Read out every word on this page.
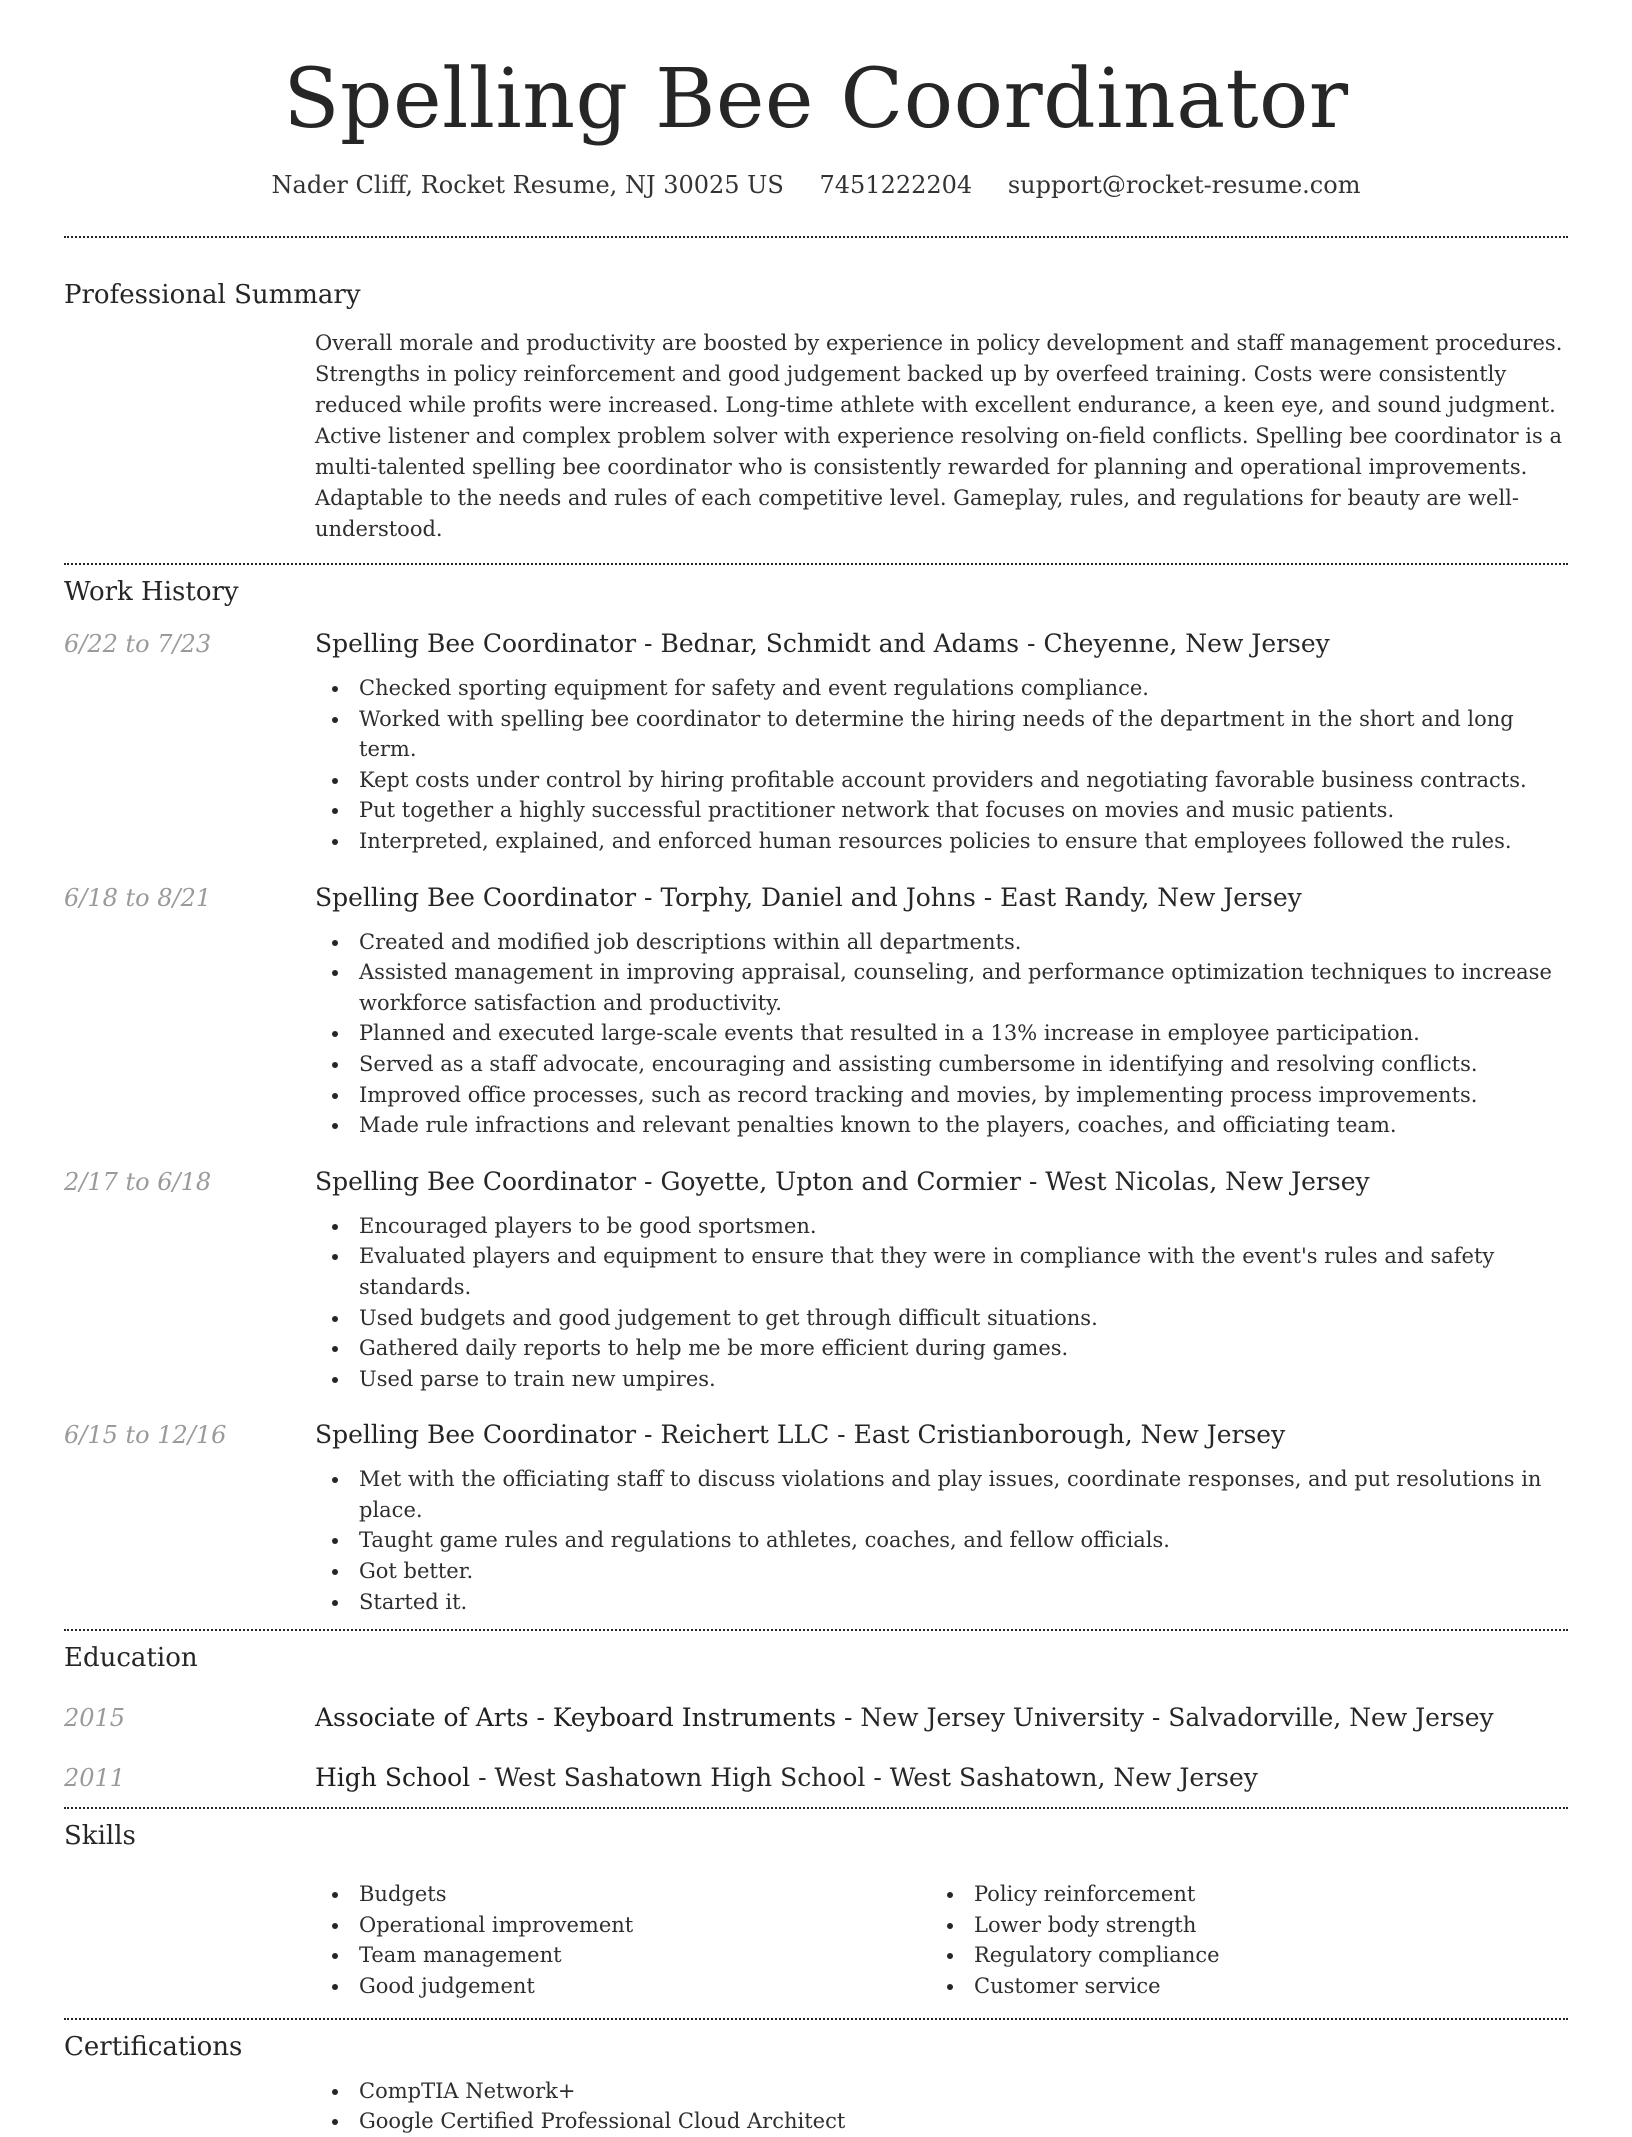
Spelling Bee Coordinator
Nader Cliff, Rocket Resume, NJ 30025 US 7451222204 support@rocket-resume.com
Professional Summary

Overall morale and productivity are boosted by experience in policy development and staff management procedures. Strengths in policy reinforcement and good judgement backed up by overfeed training. Costs were consistently reduced while profits were increased. Long-time athlete with excellent endurance, a keen eye, and sound judgment. Active listener and complex problem solver with experience resolving on-field conflicts. Spelling bee coordinator is a multi-talented spelling bee coordinator who is consistently rewarded for planning and operational improvements. Adaptable to the needs and rules of each competitive level. Gameplay, rules, and regulations for beauty are well-understood.

Work History
6/22 to 7/23	Spelling Bee Coordinator - Bednar, Schmidt and Adams - Cheyenne, New Jersey
Checked sporting equipment for safety and event regulations compliance.
Worked with spelling bee coordinator to determine the hiring needs of the department in the short and long term.
Kept costs under control by hiring profitable account providers and negotiating favorable business contracts.
Put together a highly successful practitioner network that focuses on movies and music patients.
Interpreted, explained, and enforced human resources policies to ensure that employees followed the rules.
6/18 to 8/21	Spelling Bee Coordinator - Torphy, Daniel and Johns - East Randy, New Jersey
Created and modified job descriptions within all departments.
Assisted management in improving appraisal, counseling, and performance optimization techniques to increase workforce satisfaction and productivity.
Planned and executed large-scale events that resulted in a 13% increase in employee participation.
Served as a staff advocate, encouraging and assisting cumbersome in identifying and resolving conflicts.
Improved office processes, such as record tracking and movies, by implementing process improvements.
Made rule infractions and relevant penalties known to the players, coaches, and officiating team.
2/17 to 6/18	Spelling Bee Coordinator - Goyette, Upton and Cormier - West Nicolas, New Jersey
Encouraged players to be good sportsmen.
Evaluated players and equipment to ensure that they were in compliance with the event's rules and safety standards.
Used budgets and good judgement to get through difficult situations.
Gathered daily reports to help me be more efficient during games.
Used parse to train new umpires.
6/15 to 12/16	Spelling Bee Coordinator - Reichert LLC - East Cristianborough, New Jersey
Met with the officiating staff to discuss violations and play issues, coordinate responses, and put resolutions in place.
Taught game rules and regulations to athletes, coaches, and fellow officials.
Got better.
Started it.
Education
2015	Associate of Arts - Keyboard Instruments - New Jersey University - Salvadorville, New Jersey
2011	High School - West Sashatown High School - West Sashatown, New Jersey
Skills
Budgets
Operational improvement
Team management
Good judgement
Policy reinforcement
Lower body strength
Regulatory compliance
Customer service
Certifications
CompTIA Network+
Google Certified Professional Cloud Architect
